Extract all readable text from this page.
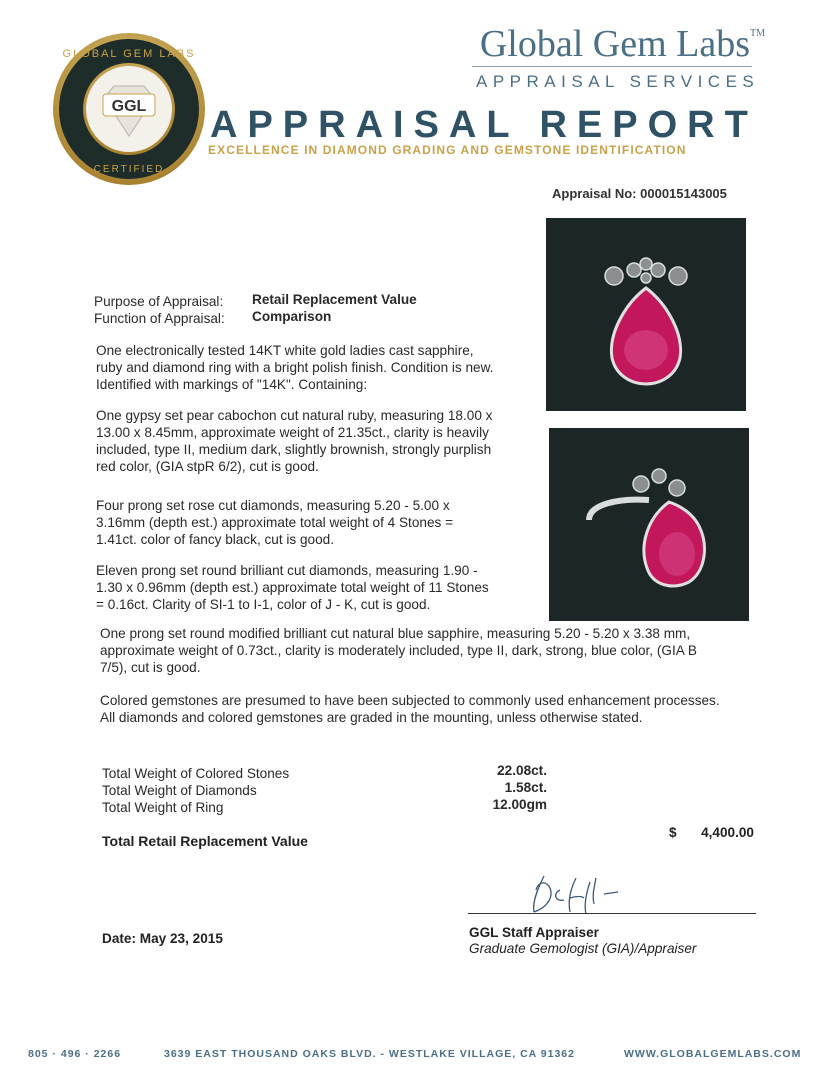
GLOBAL GEM LABS
GGL
CERTIFIED
Global Gem Labs™
APPRAISAL SERVICES
APPRAISAL REPORT
EXCELLENCE IN DIAMOND GRADING AND GEMSTONE IDENTIFICATION
Appraisal No: 000015143005
Purpose of Appraisal: Retail Replacement Value
Function of Appraisal: Comparison
One electronically tested 14KT white gold ladies cast sapphire, ruby and diamond ring with a bright polish finish. Condition is new. Identified with markings of "14K". Containing:
One gypsy set pear cabochon cut natural ruby, measuring 18.00 x 13.00 x 8.45mm, approximate weight of 21.35ct., clarity is heavily included, type II, medium dark, slightly brownish, strongly purplish red color, (GIA stpR 6/2), cut is good.
Four prong set rose cut diamonds, measuring 5.20 - 5.00 x 3.16mm (depth est.) approximate total weight of 4 Stones = 1.41ct. color of fancy black, cut is good.
Eleven prong set round brilliant cut diamonds, measuring 1.90 - 1.30 x 0.96mm (depth est.) approximate total weight of 11 Stones = 0.16ct. Clarity of SI-1 to I-1, color of J - K, cut is good.
One prong set round modified brilliant cut natural blue sapphire, measuring 5.20 - 5.20 x 3.38 mm, approximate weight of 0.73ct., clarity is moderately included, type II, dark, strong, blue color, (GIA B 7/5), cut is good.
Colored gemstones are presumed to have been subjected to commonly used enhancement processes. All diamonds and colored gemstones are graded in the mounting, unless otherwise stated.
Total Weight of Colored Stones	22.08ct.
Total Weight of Diamonds	1.58ct.
Total Weight of Ring	12.00gm
Total Retail Replacement Value
$	4,400.00
GGL Staff Appraiser
Graduate Gemologist (GIA)/Appraiser
Date: May 23, 2015
805 · 496 · 2266	3639 EAST THOUSAND OAKS BLVD. - WESTLAKE VILLAGE, CA 91362	WWW.GLOBALGEMLABS.COM
